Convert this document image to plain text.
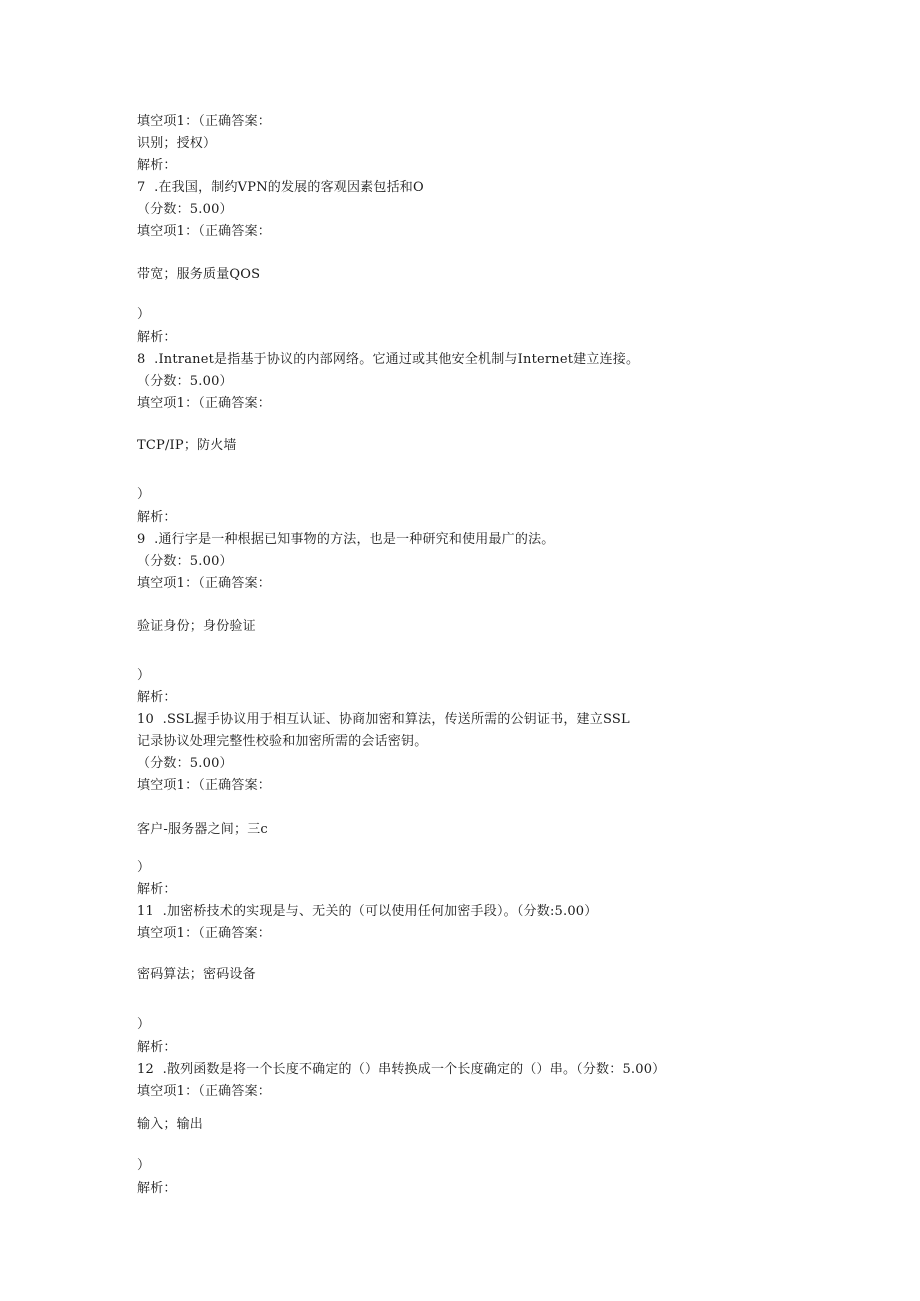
填空项1：（正确答案：

识别；授权）

解析：

7  .在我国，制约VPN的发展的客观因素包括和O

（分数：5.00）

填空项1：（正确答案：

带宽；服务质量QOS

）

解析：

8  .Intranet是指基于协议的内部网络。它通过或其他安全机制与Internet建立连接。

（分数：5.00）

填空项1：（正确答案：

TCP/IP；防火墙

）

解析：

9  .通行字是一种根据已知事物的方法，也是一种研究和使用最广的法。

（分数：5.00）

填空项1：（正确答案：

验证身份；身份验证

）

解析：

10  .SSL握手协议用于相互认证、协商加密和算法，传送所需的公钥证书，建立SSL

记录协议处理完整性校验和加密所需的会话密钥。

（分数：5.00）

填空项1：（正确答案：

客户-服务器之间；三c

）

解析：

11  .加密桥技术的实现是与、无关的（可以使用任何加密手段）。（分数:5.00）

填空项1：（正确答案：

密码算法；密码设备

）

解析：

12  .散列函数是将一个长度不确定的（）串转换成一个长度确定的（）串。（分数：5.00）

填空项1：（正确答案：

输入；输出

）

解析：
